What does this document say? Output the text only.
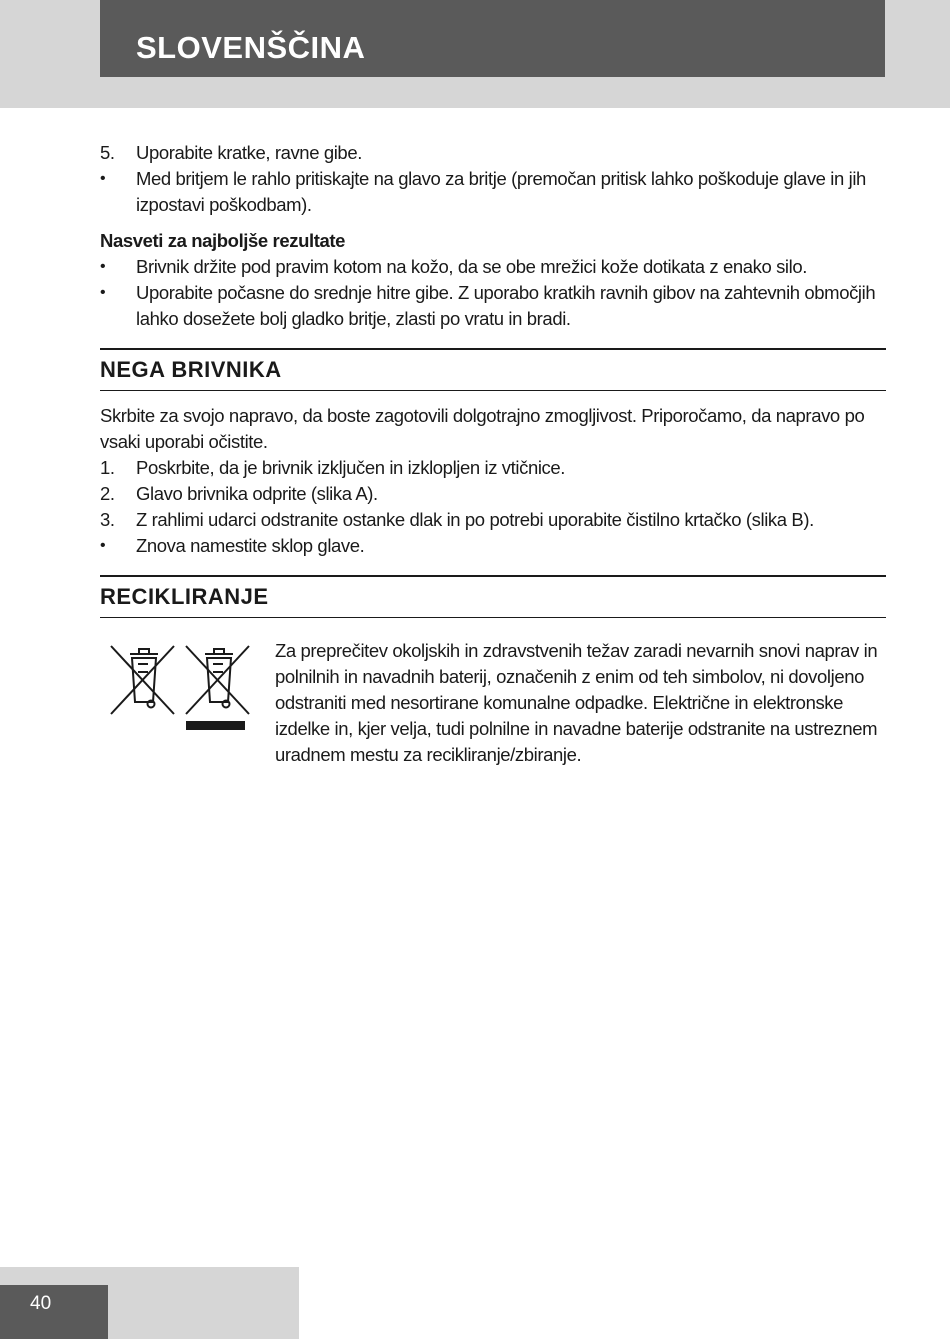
SLOVENŠČINA
5.	Uporabite kratke, ravne gibe.
•	Med britjem le rahlo pritiskajte na glavo za britje (premočan pritisk lahko poškoduje glave in jih izpostavi poškodbam).
Nasveti za najboljše rezultate
•	Brivnik držite pod pravim kotom na kožo, da se obe mrežici kože dotikata z enako silo.
•	Uporabite počasne do srednje hitre gibe. Z uporabo kratkih ravnih gibov na zahtevnih območjih lahko dosežete bolj gladko britje, zlasti po vratu in bradi.
NEGA BRIVNIKA

Skrbite za svojo napravo, da boste zagotovili dolgotrajno zmogljivost. Priporočamo, da napravo po vsaki uporabi očistite.

1.	Poskrbite, da je brivnik izključen in izklopljen iz vtičnice.
2.	Glavo brivnika odprite (slika A).
3.	Z rahlimi udarci odstranite ostanke dlak in po potrebi uporabite čistilno krtačko (slika B).
•	Znova namestite sklop glave.
RECIKLIRANJE

Za preprečitev okoljskih in zdravstvenih težav zaradi nevarnih snovi naprav in polnilnih in navadnih baterij, označenih z enim od teh simbolov, ni dovoljeno odstraniti med nesortirane komunalne odpadke. Električne in elektronske izdelke in, kjer velja, tudi polnilne in navadne baterije odstranite na ustreznem uradnem mestu za recikliranje/zbiranje.

40
